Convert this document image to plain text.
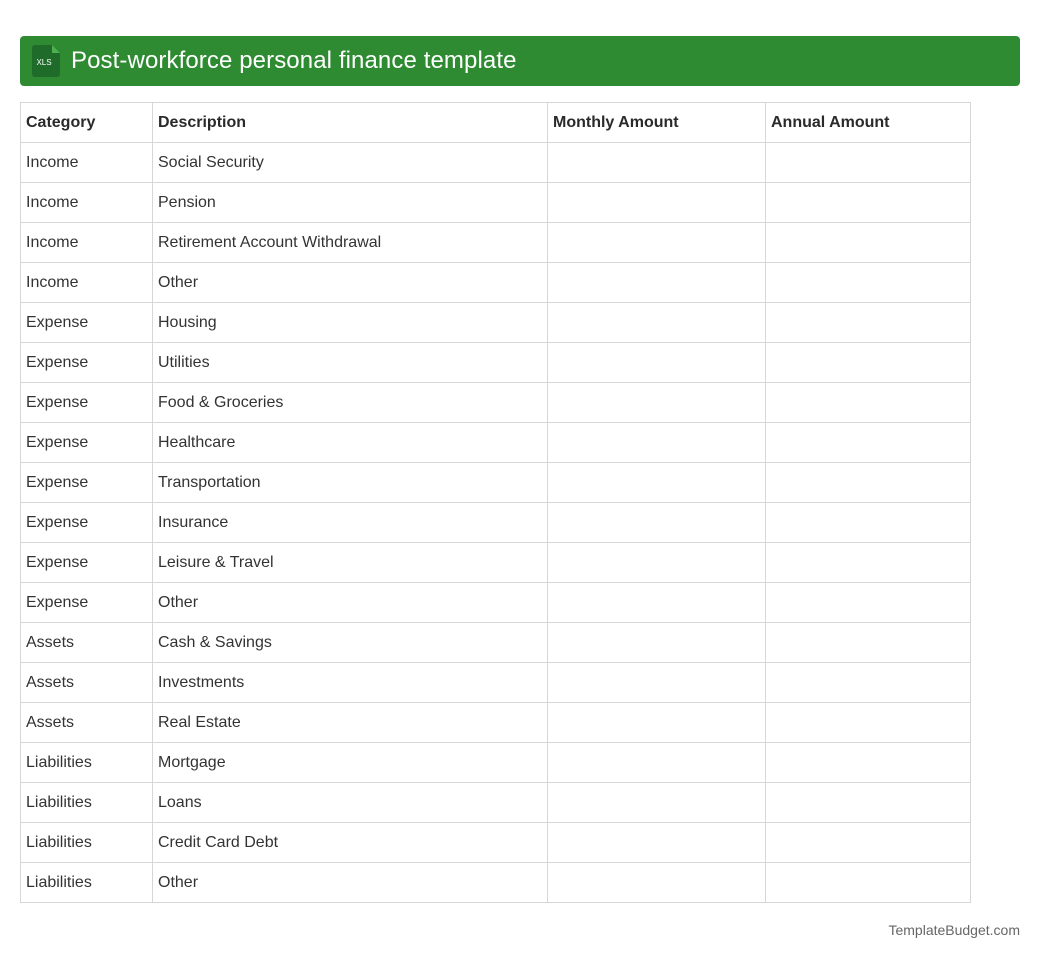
XLS Post-workforce personal finance template
Category	Description	Monthly Amount	Annual Amount
Income	Social Security		
Income	Pension		
Income	Retirement Account Withdrawal		
Income	Other		
Expense	Housing		
Expense	Utilities		
Expense	Food & Groceries		
Expense	Healthcare		
Expense	Transportation		
Expense	Insurance		
Expense	Leisure & Travel		
Expense	Other		
Assets	Cash & Savings		
Assets	Investments		
Assets	Real Estate		
Liabilities	Mortgage		
Liabilities	Loans		
Liabilities	Credit Card Debt		
Liabilities	Other		
TemplateBudget.com
